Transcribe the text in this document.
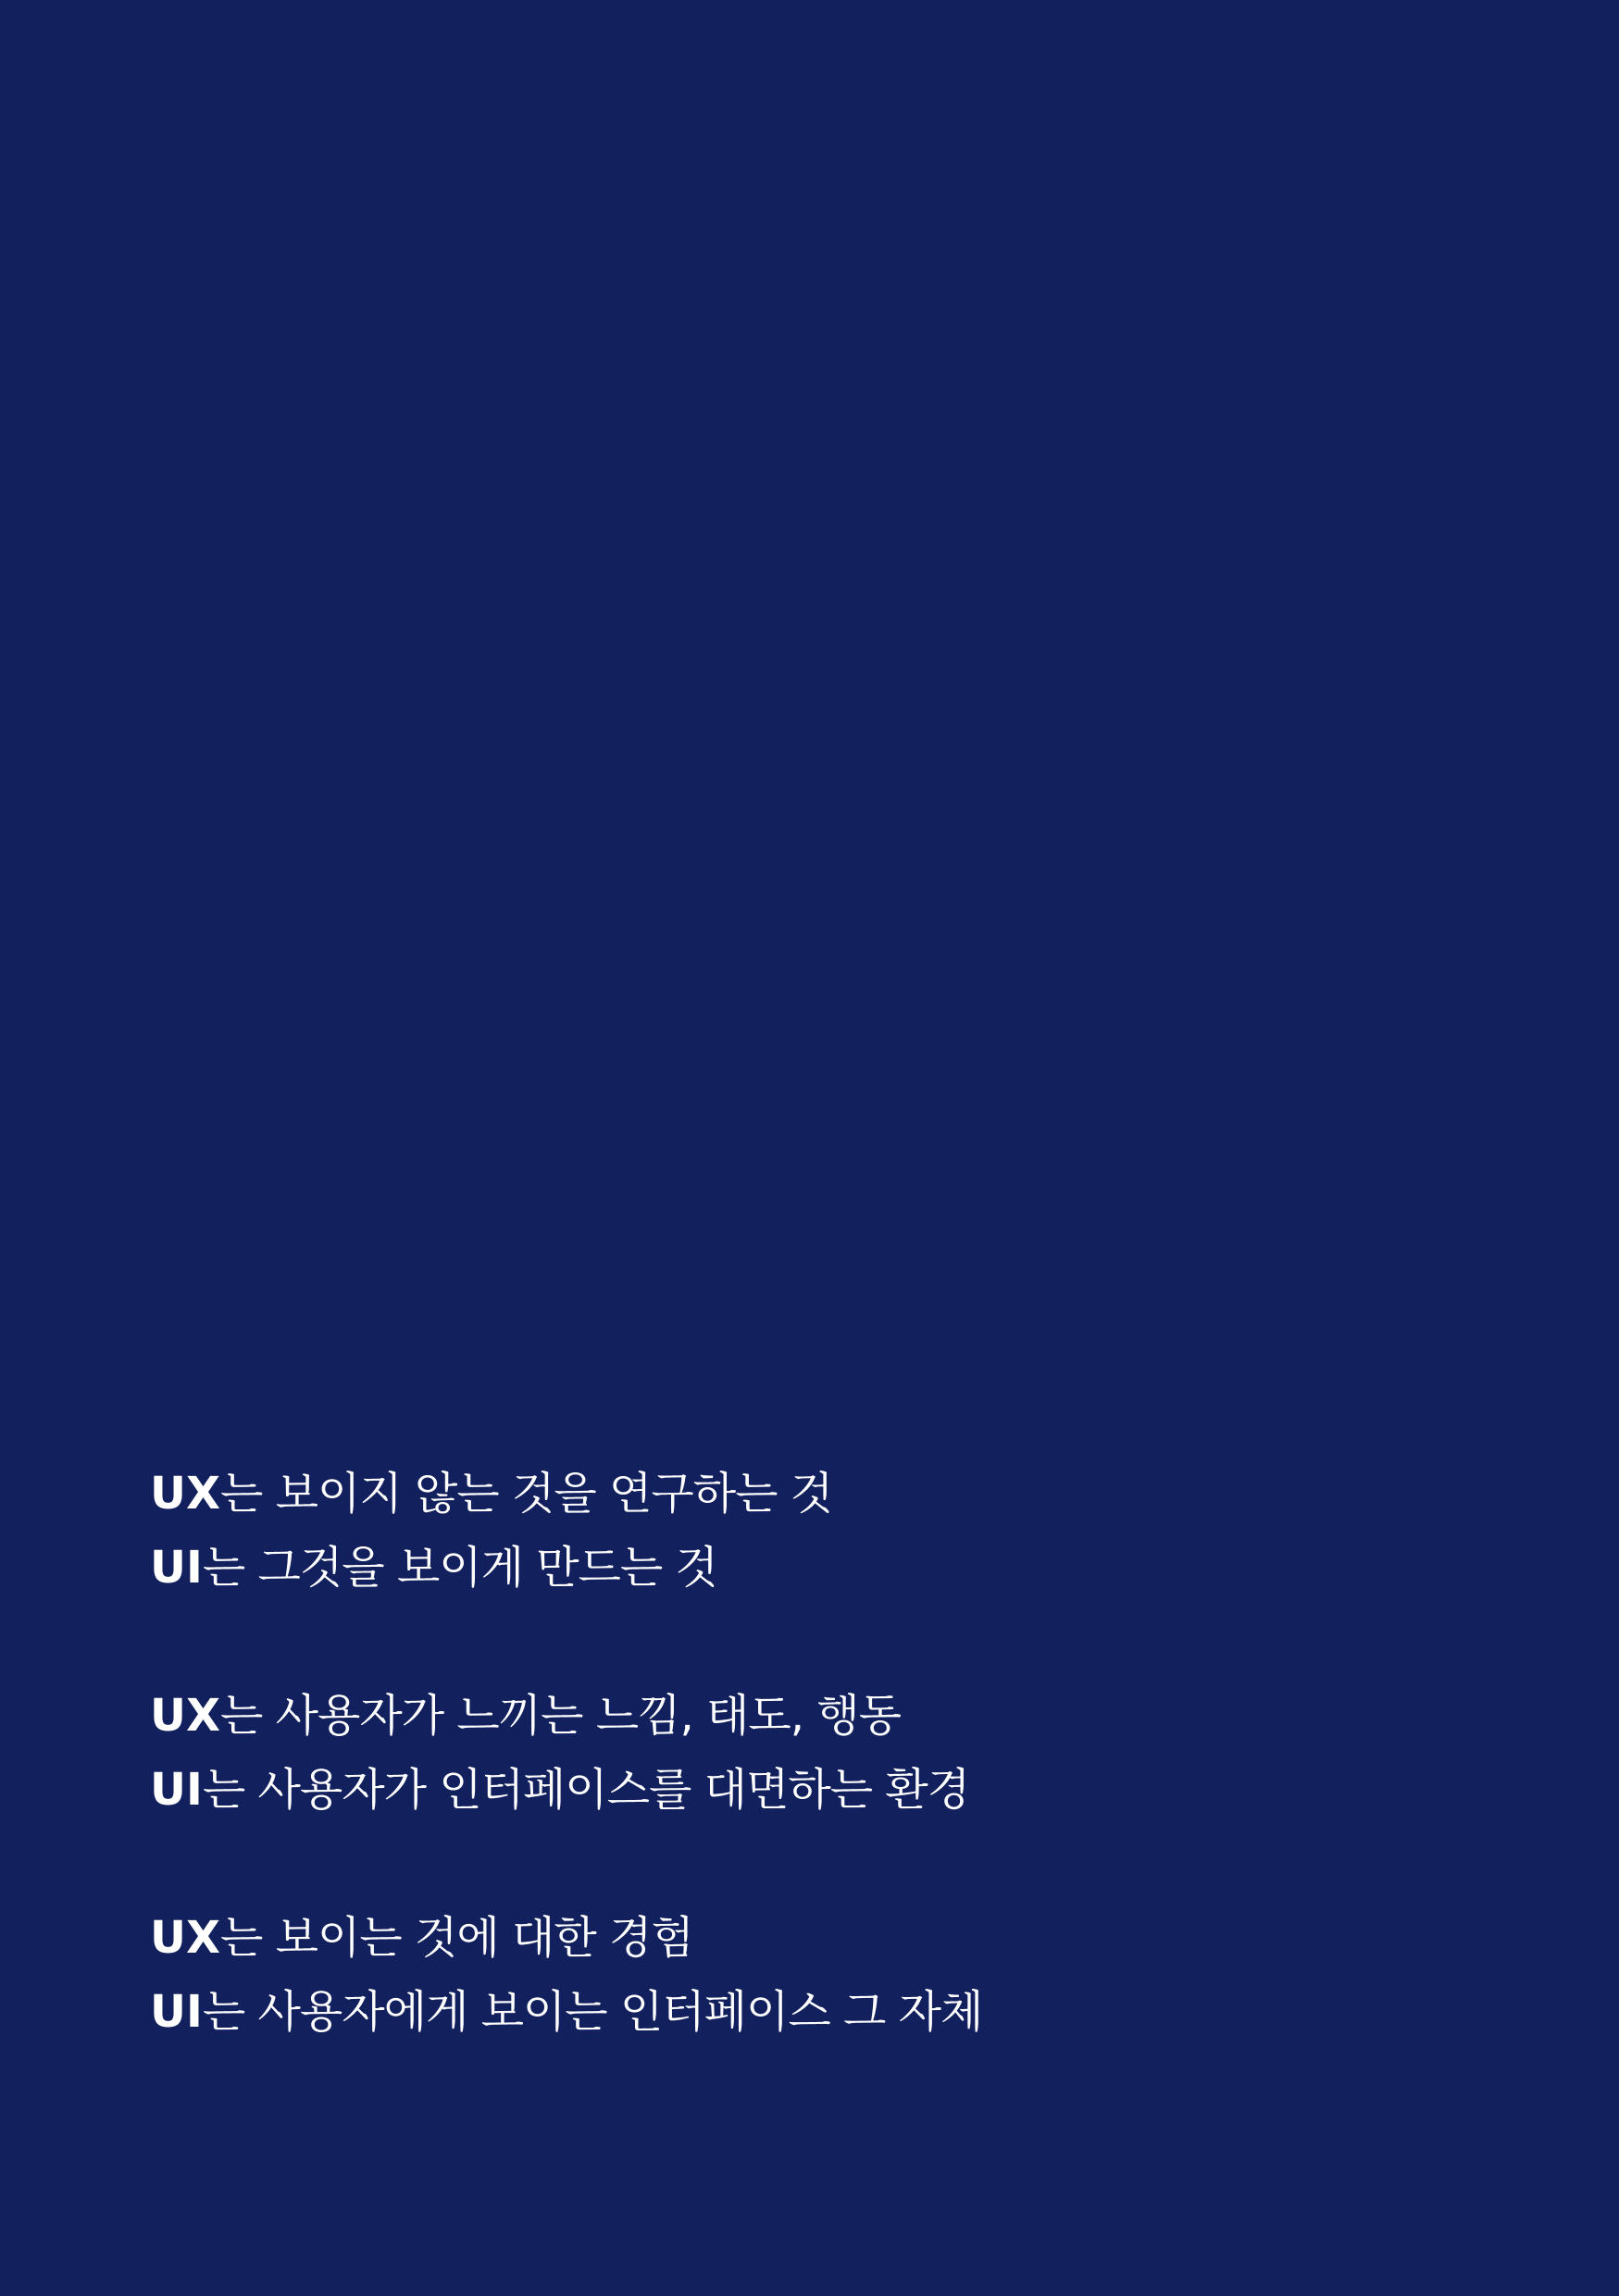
UX는 보이지 않는 것을 연구하는 것
UI는 그것을 보이게 만드는 것
UX는 사용자가 느끼는 느낌, 태도, 행동
UI는 사용자가 인터페이스를 대면하는 환경
UX는 보이는 것에 대한 경험
UI는 사용자에게 보이는 인터페이스 그 자체
